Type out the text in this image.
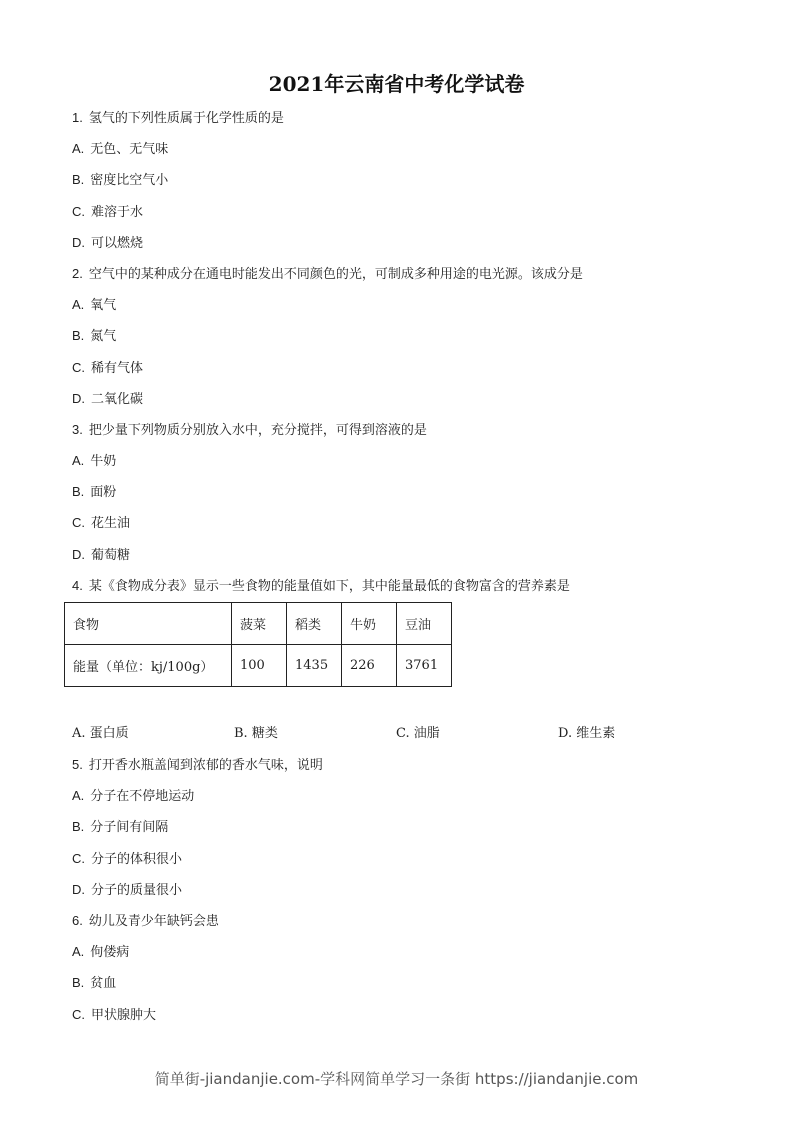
2021年云南省中考化学试卷
1. 氢气的下列性质属于化学性质的是
A. 无色、无气味
B. 密度比空气小
C. 难溶于水
D. 可以燃烧
2. 空气中的某种成分在通电时能发出不同颜色的光，可制成多种用途的电光源。该成分是
A. 氧气
B. 氮气
C. 稀有气体
D. 二氧化碳
3. 把少量下列物质分别放入水中，充分搅拌，可得到溶液的是
A. 牛奶
B. 面粉
C. 花生油
D. 葡萄糖
4. 某《食物成分表》显示一些食物的能量值如下，其中能量最低的食物富含的营养素是
食物	菠菜	稻类	牛奶	豆油
能量（单位：kj/100g）	100	1435	226	3761
A. 蛋白质	B. 糖类	C. 油脂	D. 维生素
5. 打开香水瓶盖闻到浓郁的香水气味，说明
A. 分子在不停地运动
B. 分子间有间隔
C. 分子的体积很小
D. 分子的质量很小
6. 幼儿及青少年缺钙会患
A. 佝偻病
B. 贫血
C. 甲状腺肿大
简单街-jiandanjie.com-学科网简单学习一条街 https://jiandanjie.com
